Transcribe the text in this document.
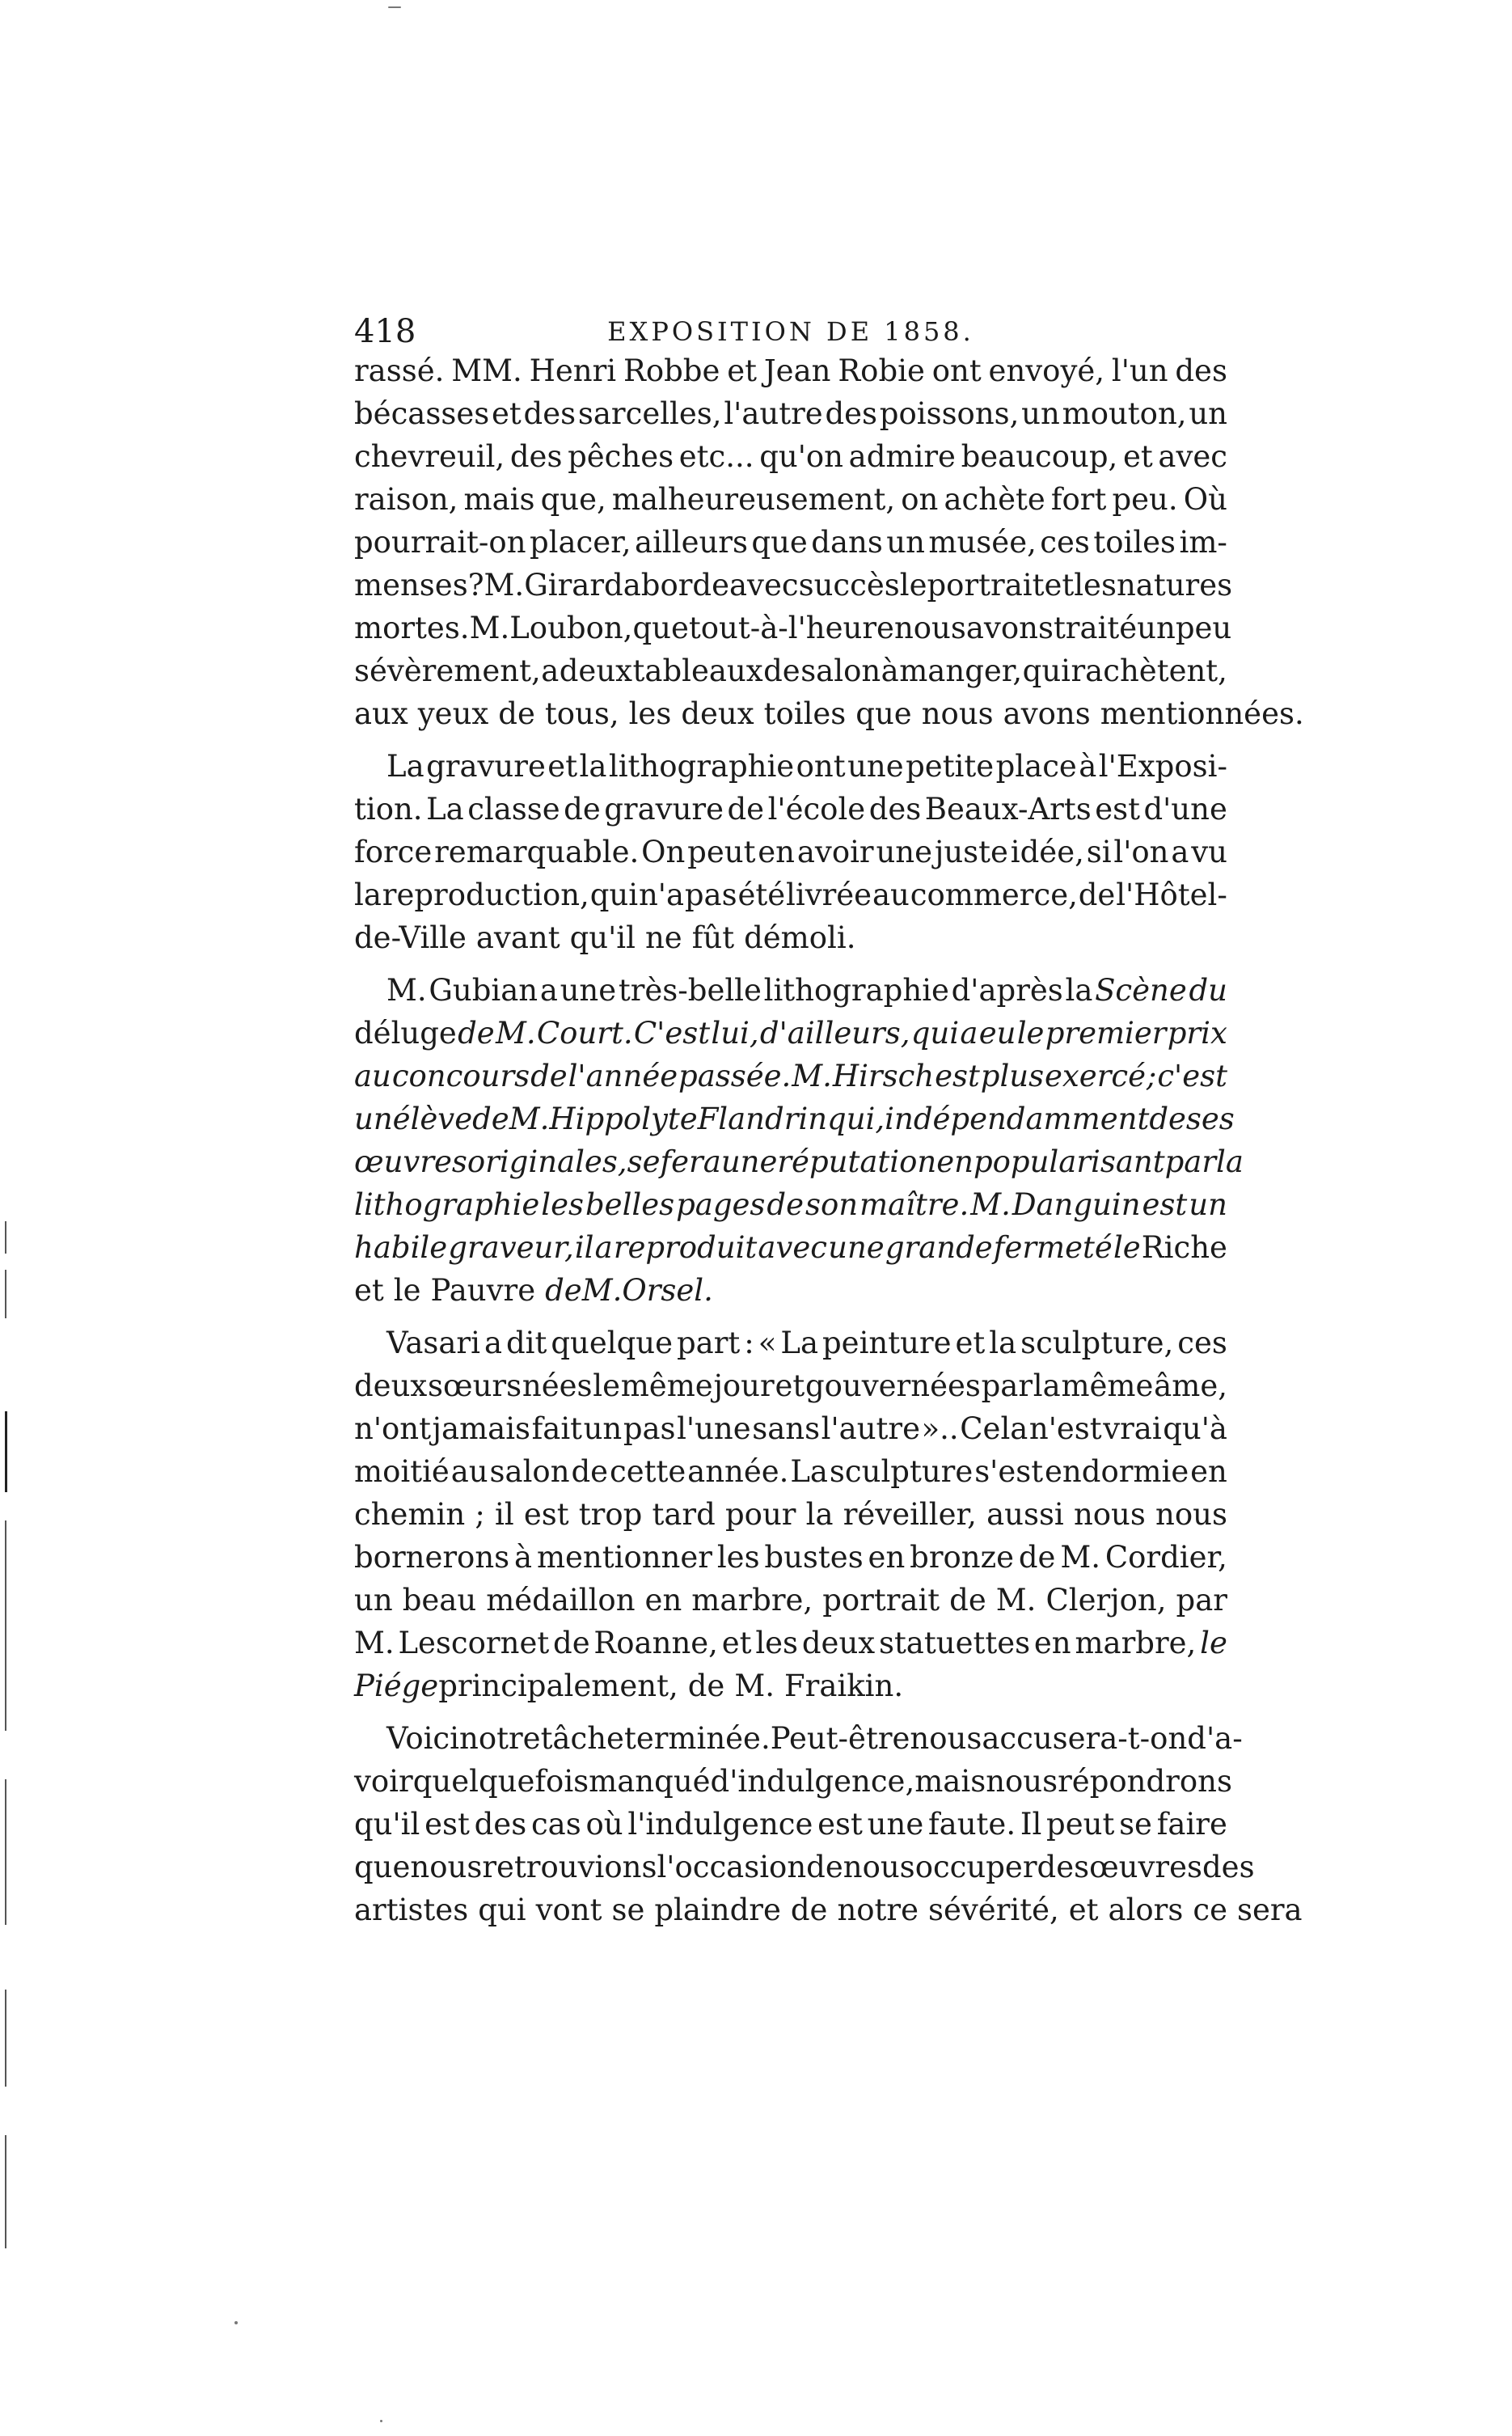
418	EXPOSITION DE 1858.
rassé. MM. Henri Robbe et Jean Robie ont envoyé, l'un des
bécasses et des sarcelles, l'autre des poissons, un mouton, un
chevreuil, des pêches etc... qu'on admire beaucoup, et avec
raison, mais que, malheureusement, on achète fort peu. Où
pourrait-on placer, ailleurs que dans un musée, ces toiles im-
menses ? M. Girard aborde avec succès le portrait et les natures
mortes. M. Loubon, que tout-à-l'heure nous avons traité un peu
sévèrement, a deux tableaux de salon à manger, qui rachètent,
aux yeux de tous, les deux toiles que nous avons mentionnées.
La gravure et la lithographie ont une petite place à l'Exposi-
tion. La classe de gravure de l'école des Beaux-Arts est d'une
force remarquable. On peut en avoir une juste idée, si l'on a vu
la reproduction, qui n'a pas été livrée au commerce, de l'Hôtel-
de-Ville avant qu'il ne fût démoli.
M. Gubian a une très-belle lithographie d'après la Scène du
déluge de M. Court. C'est lui, d'ailleurs, qui a eu le premier prix
au concours de l'année passée. M. Hirsch est plus exercé ; c'est
un élève de M. Hippolyte Flandrin qui, indépendamment de ses
œuvres originales, se fera une réputation en popularisant par la
lithographie les belles pages de son maître. M. Danguin est un
habile graveur, il a reproduit avec une grande fermeté le Riche
et le Pauvre de M. Orsel.
Vasari a dit quelque part : « La peinture et la sculpture, ces
deux sœurs nées le même jour et gouvernées par la même âme,
n'ont jamais fait un pas l'une sans l'autre ».. Cela n'est vrai qu'à
moitié au salon de cette année. La sculpture s'est endormie en
chemin ; il est trop tard pour la réveiller, aussi nous nous
bornerons à mentionner les bustes en bronze de M. Cordier,
un beau médaillon en marbre, portrait de M. Clerjon, par
M. Lescornet de Roanne, et les deux statuettes en marbre, le
Piége principalement, de M. Fraikin.
Voici notre tâche terminée. Peut-être nous accusera-t-on d'a-
voir quelquefois manqué d'indulgence, mais nous répondrons
qu'il est des cas où l'indulgence est une faute. Il peut se faire
que nous retrouvions l'occasion de nous occuper des œuvres des
artistes qui vont se plaindre de notre sévérité, et alors ce sera
